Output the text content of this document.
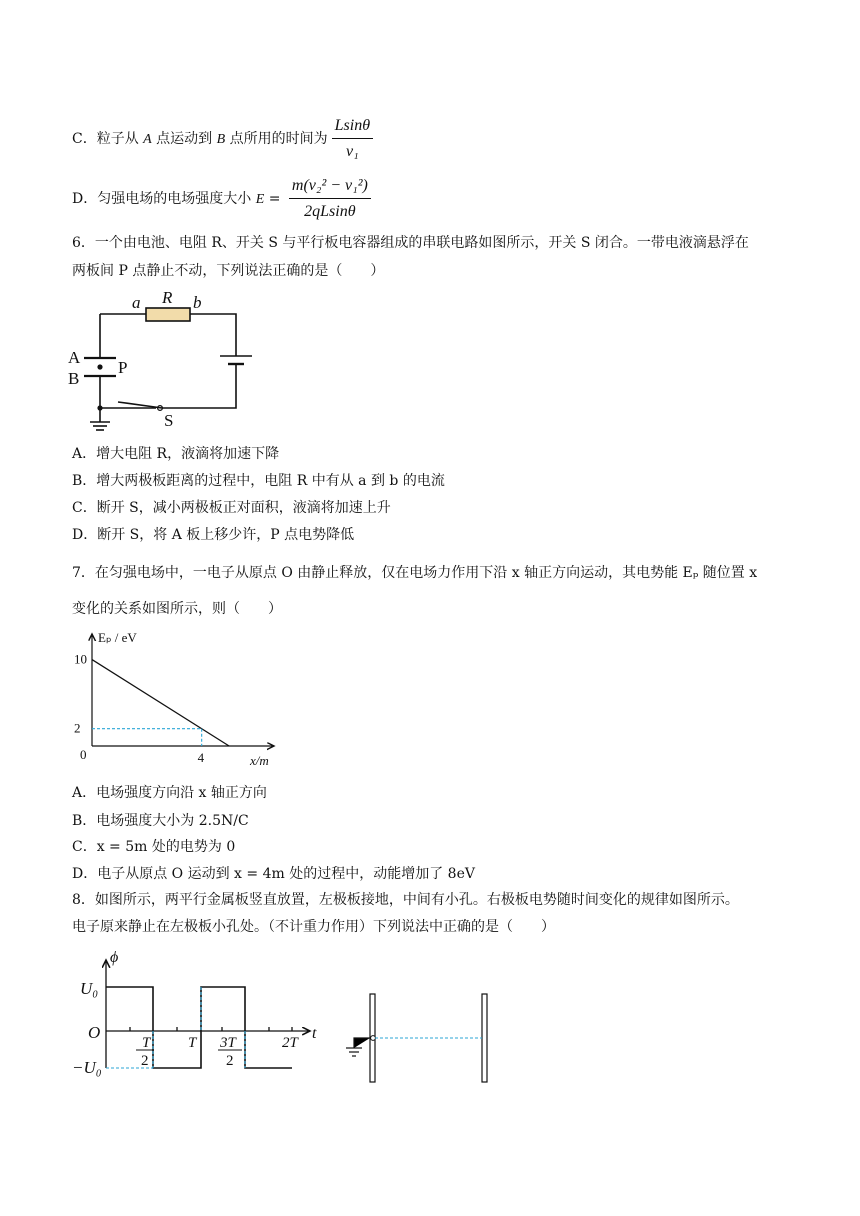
C．粒子从 A 点运动到 B 点所用的时间为 $\frac{Lsin\theta}{\text{v₁}}$
D．匀强电场的电场强度大小 $E = \frac{\text{m(v₂² − v₁²)}}{2qLsin\theta}$
6．一个由电池、电阻 R、开关 S 与平行板电容器组成的串联电路如图所示，开关 S 闭合。一带电液滴悬浮在
两板间 P 点静止不动，下列说法正确的是（　　）
a R b
A
B
P
S
A．增大电阻 R，液滴将加速下降
B．增大两极板距离的过程中，电阻 R 中有从 a 到 b 的电流
C．断开 S，减小两极板正对面积，液滴将加速上升
D．断开 S，将 A 板上移少许，P 点电势降低
7．在匀强电场中，一电子从原点 O 由静止释放，仅在电场力作用下沿 x 轴正方向运动，其电势能 Eₚ 随位置 x
变化的关系如图所示，则（　　）
Eₚ / eV
x/m
0
10
2
4
A．电场强度方向沿 x 轴正方向
B．电场强度大小为 2.5N/C
C．x = 5m 处的电势为 0
D．电子从原点 O 运动到 x = 4m 处的过程中，动能增加了 8eV
8．如图所示，两平行金属板竖直放置，左极板接地，中间有小孔。右极板电势随时间变化的规律如图所示。
电子原来静止在左极板小孔处。（不计重力作用）下列说法中正确的是（　　）
ϕ
t
O
U₀
−U₀
T
2
T 3T
2
2T
